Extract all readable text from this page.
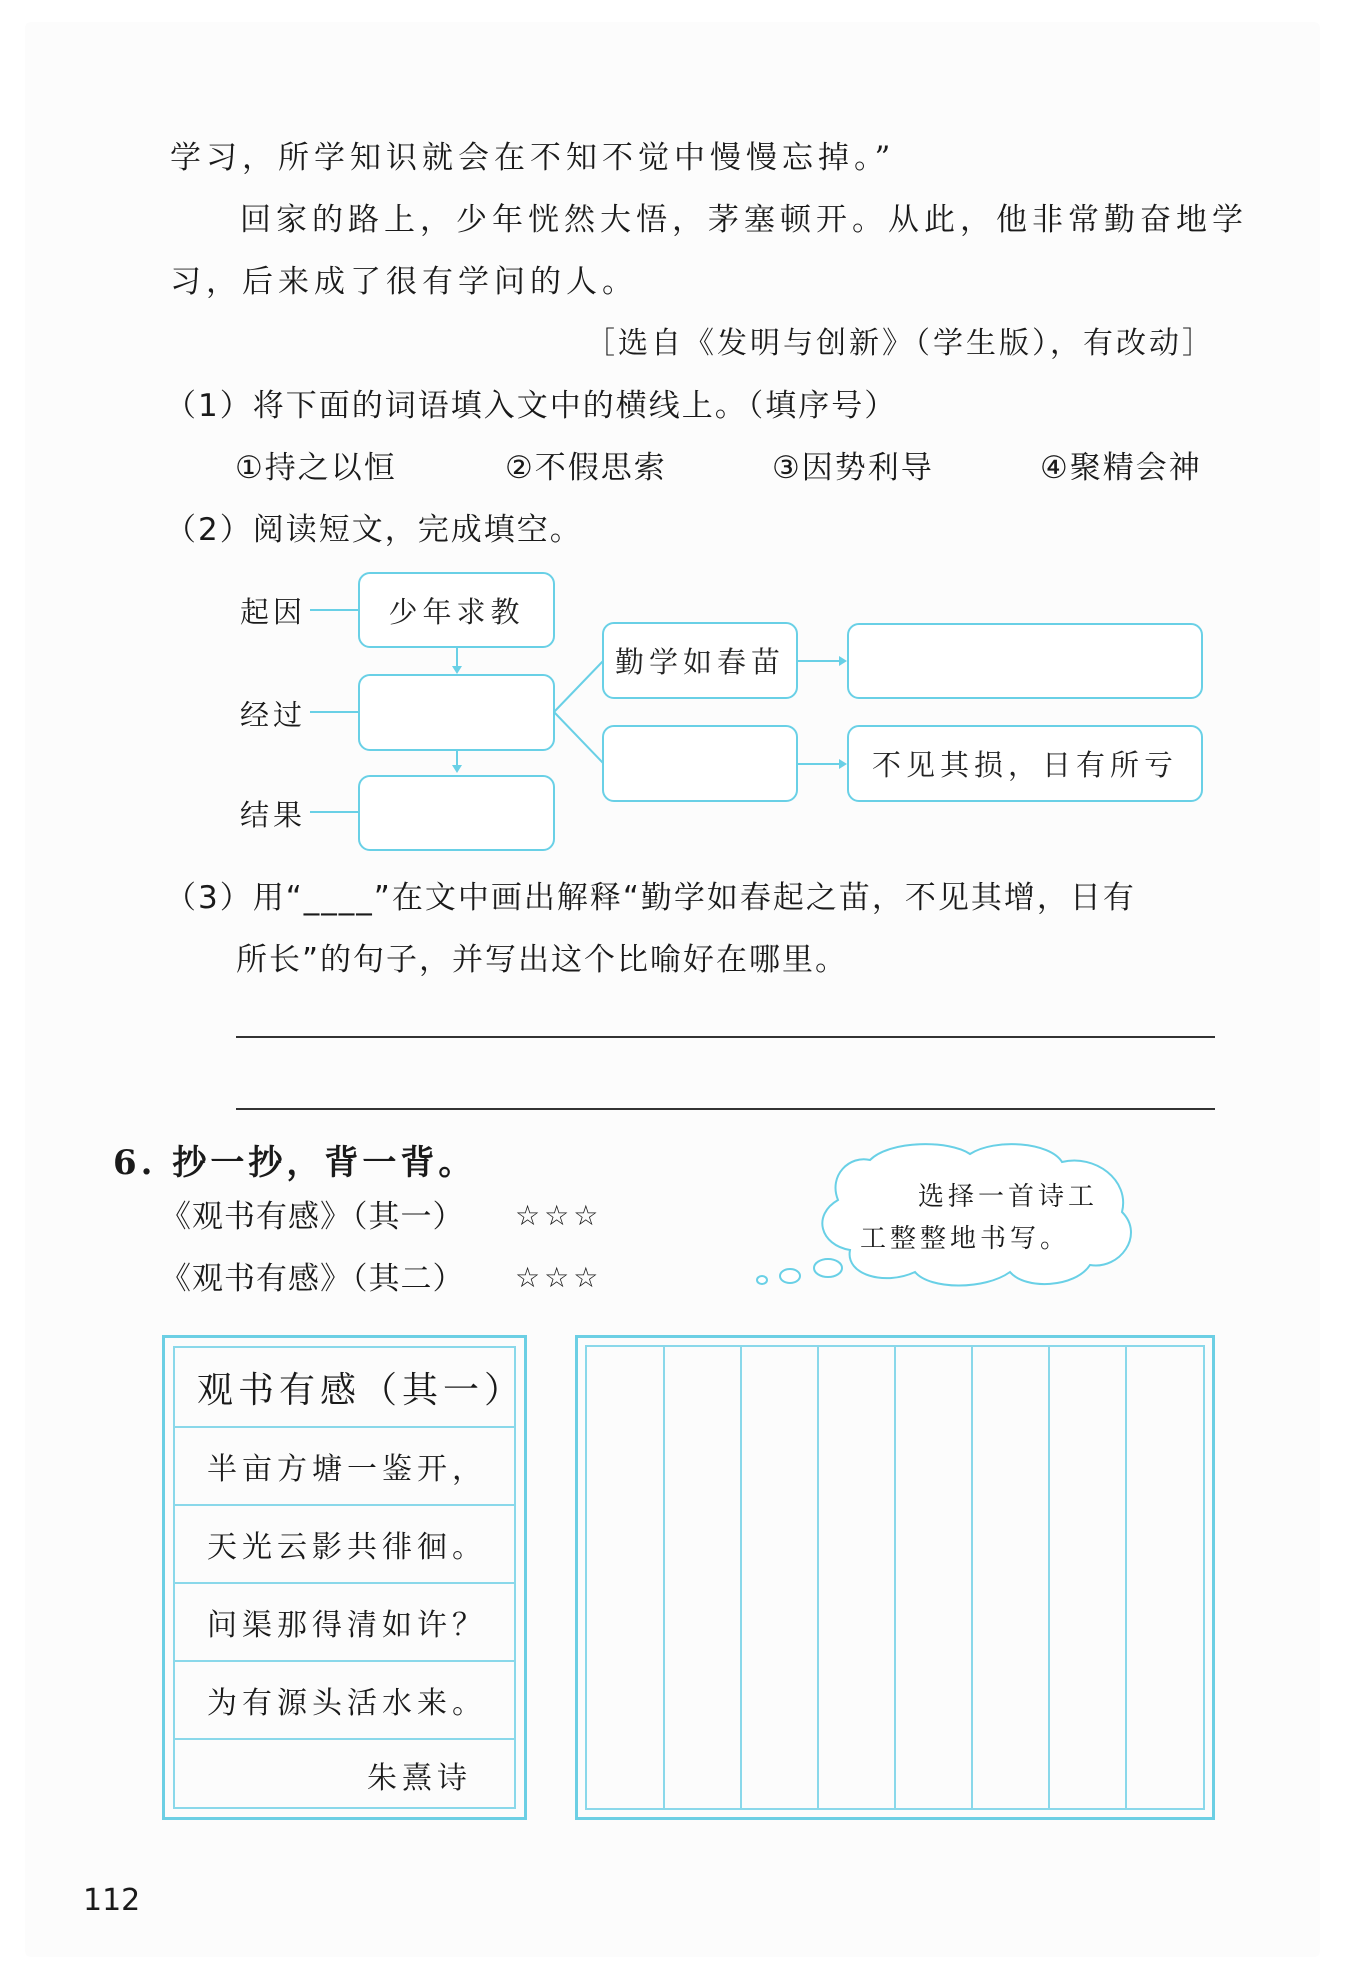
学习，所学知识就会在不知不觉中慢慢忘掉。”
回家的路上，少年恍然大悟，茅塞顿开。从此，他非常勤奋地学
习，后来成了很有学问的人。
［选自《发明与创新》（学生版），有改动］
（1）将下面的词语填入文中的横线上。（填序号）
①持之以恒	②不假思索	③因势利导	④聚精会神
（2）阅读短文，完成填空。
起因
经过
结果
少年求教
勤学如春苗
不见其损，日有所亏
（3）用“____”在文中画出解释“勤学如春起之苗，不见其增，日有
所长”的句子，并写出这个比喻好在哪里。
6. 抄一抄，背一背。
《观书有感》（其一） ☆☆☆
《观书有感》（其二） ☆☆☆
选择一首诗工
工整整地书写。
观书有感（其一）
半亩方塘一鉴开，
天光云影共徘徊。
问渠那得清如许？
为有源头活水来。
朱熹诗
112
